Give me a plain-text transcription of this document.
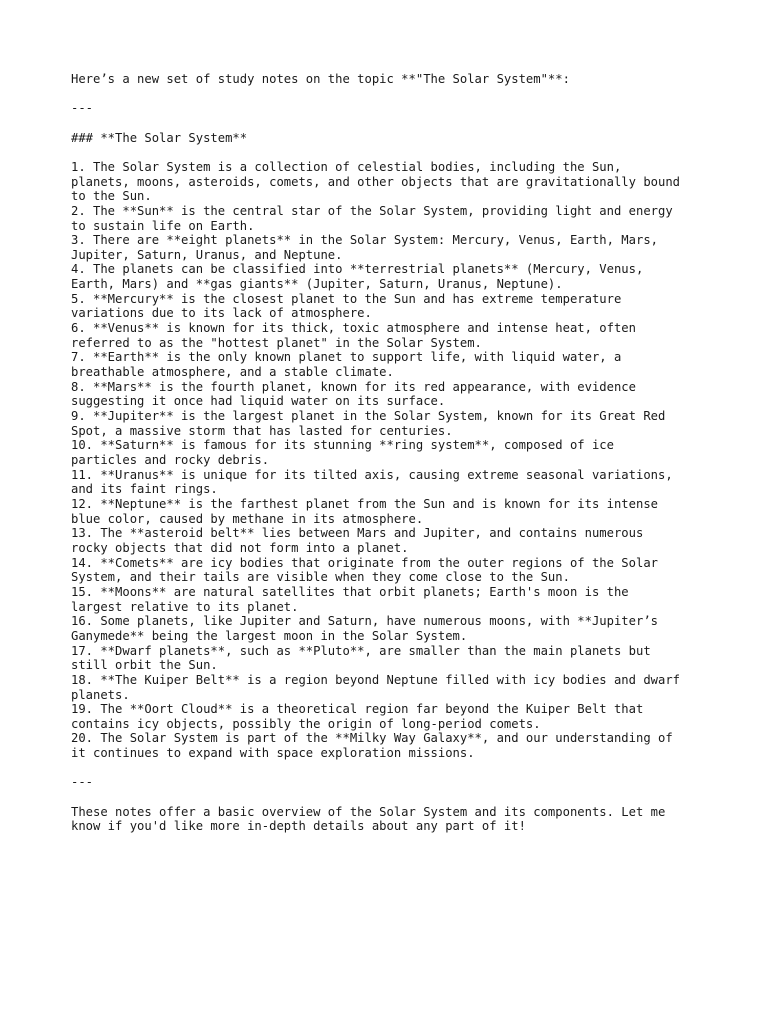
Here’s a new set of study notes on the topic **"The Solar System"**:
---
### **The Solar System**
1. The Solar System is a collection of celestial bodies, including the Sun,
planets, moons, asteroids, comets, and other objects that are gravitationally bound
to the Sun.
2. The **Sun** is the central star of the Solar System, providing light and energy
to sustain life on Earth.
3. There are **eight planets** in the Solar System: Mercury, Venus, Earth, Mars,
Jupiter, Saturn, Uranus, and Neptune.
4. The planets can be classified into **terrestrial planets** (Mercury, Venus,
Earth, Mars) and **gas giants** (Jupiter, Saturn, Uranus, Neptune).
5. **Mercury** is the closest planet to the Sun and has extreme temperature
variations due to its lack of atmosphere.
6. **Venus** is known for its thick, toxic atmosphere and intense heat, often
referred to as the "hottest planet" in the Solar System.
7. **Earth** is the only known planet to support life, with liquid water, a
breathable atmosphere, and a stable climate.
8. **Mars** is the fourth planet, known for its red appearance, with evidence
suggesting it once had liquid water on its surface.
9. **Jupiter** is the largest planet in the Solar System, known for its Great Red
Spot, a massive storm that has lasted for centuries.
10. **Saturn** is famous for its stunning **ring system**, composed of ice
particles and rocky debris.
11. **Uranus** is unique for its tilted axis, causing extreme seasonal variations,
and its faint rings.
12. **Neptune** is the farthest planet from the Sun and is known for its intense
blue color, caused by methane in its atmosphere.
13. The **asteroid belt** lies between Mars and Jupiter, and contains numerous
rocky objects that did not form into a planet.
14. **Comets** are icy bodies that originate from the outer regions of the Solar
System, and their tails are visible when they come close to the Sun.
15. **Moons** are natural satellites that orbit planets; Earth's moon is the
largest relative to its planet.
16. Some planets, like Jupiter and Saturn, have numerous moons, with **Jupiter’s
Ganymede** being the largest moon in the Solar System.
17. **Dwarf planets**, such as **Pluto**, are smaller than the main planets but
still orbit the Sun.
18. **The Kuiper Belt** is a region beyond Neptune filled with icy bodies and dwarf
planets.
19. The **Oort Cloud** is a theoretical region far beyond the Kuiper Belt that
contains icy objects, possibly the origin of long-period comets.
20. The Solar System is part of the **Milky Way Galaxy**, and our understanding of
it continues to expand with space exploration missions.
---
These notes offer a basic overview of the Solar System and its components. Let me
know if you'd like more in-depth details about any part of it!
